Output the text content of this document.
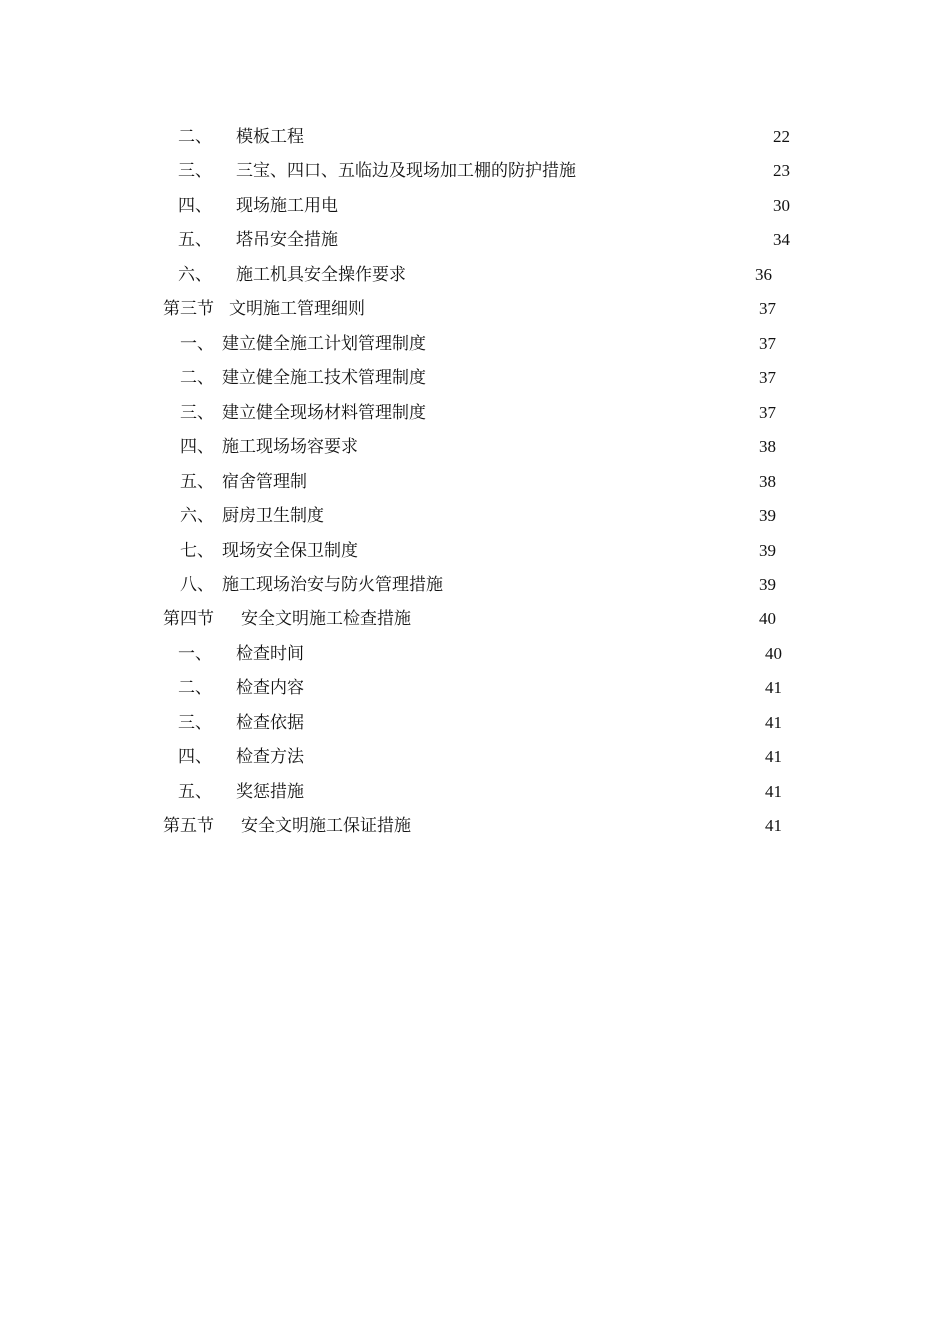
二、	模板工程	22
三、	三宝、四口、五临边及现场加工棚的防护措施	23
四、	现场施工用电	30
五、	塔吊安全措施	34
六、	施工机具安全操作要求	36
第三节 文明施工管理细则	37
一、 建立健全施工计划管理制度	37
二、 建立健全施工技术管理制度	37
三、 建立健全现场材料管理制度	37
四、 施工现场场容要求	38
五、 宿舍管理制	38
六、 厨房卫生制度	39
七、 现场安全保卫制度	39
八、 施工现场治安与防火管理措施	39
第四节	安全文明施工检查措施	40
一、	检查时间	40
二、	检查内容	41
三、	检查依据	41
四、	检查方法	41
五、	奖惩措施	41
第五节	安全文明施工保证措施	41
